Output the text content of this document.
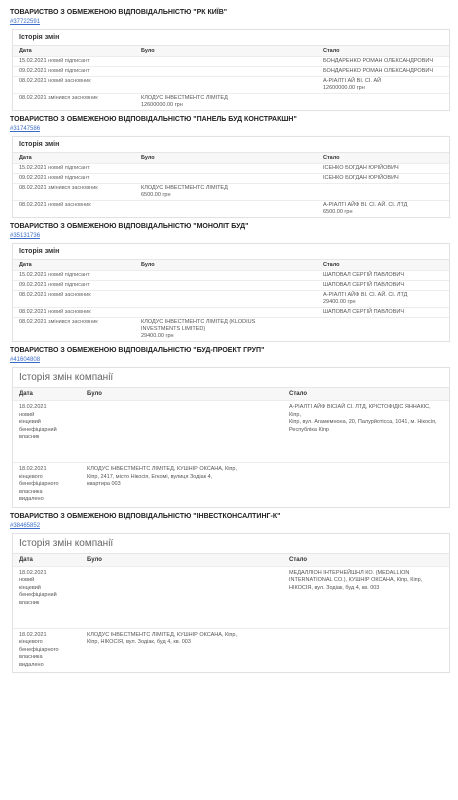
ТОВАРИСТВО З ОБМЕЖЕНОЮ ВІДПОВІДАЛЬНІСТЮ "РК КИЇВ"
#37722591
Історія змін
Дата	Було	Стало
15.02.2021 новий підписант		БОНДАРЕНКО РОМАН ОЛЕКСАНДРОВИЧ
09.02.2021 новий підписант		БОНДАРЕНКО РОМАН ОЛЕКСАНДРОВИЧ
08.02.2021 новий засновник		А-РІАЛТІ АЙ ВІ. СІ. АЙ
12600000.00 грн
08.02.2021 змінився засновник	КЛОДУС ІНВЕСТМЕНТС ЛІМІТЕД
12600000.00 грн	
ТОВАРИСТВО З ОБМЕЖЕНОЮ ВІДПОВІДАЛЬНІСТЮ "ПАНЕЛЬ БУД КОНСТРАКШН"
#31747586
Історія змін
Дата	Було	Стало
15.02.2021 новий підписант		ІСЕНКО БОГДАН ЮРІЙОВИЧ
09.02.2021 новий підписант		ІСЕНКО БОГДАН ЮРІЙОВИЧ
08.02.2021 змінився засновник	КЛОДУС ІНВЕСТМЕНТС ЛІМІТЕД
6500.00 грн	
08.02.2021 новий засновник		А-РІАЛТІ АЙФ ВІ. СІ. АЙ. СІ. ЛТД
6500.00 грн
ТОВАРИСТВО З ОБМЕЖЕНОЮ ВІДПОВІДАЛЬНІСТЮ "МОНОЛІТ БУД"
#35131736
Історія змін
Дата	Було	Стало
15.02.2021 новий підписант		ШАПОВАЛ СЕРГІЙ ПАВЛОВИЧ
09.02.2021 новий підписант		ШАПОВАЛ СЕРГІЙ ПАВЛОВИЧ
08.02.2021 новий засновник		А-РІАЛТІ АЙФ ВІ. СІ. АЙ. СІ. ЛТД
29400.00 грн
08.02.2021 новий засновник		ШАПОВАЛ СЕРГІЙ ПАВЛОВИЧ
08.02.2021 змінився засновник	КЛОДУС ІНВЕСТМЕНТС ЛІМІТЕД (KLODIUS
INVESTMENTS LIMITED)
29400.00 грн	
ТОВАРИСТВО З ОБМЕЖЕНОЮ ВІДПОВІДАЛЬНІСТЮ "БУД-ПРОЕКТ ГРУП"
#41604808
Історія змін компанії
Дата	Було	Стало
18.02.2021
новий
кінцевий
бенефіціарний
власник		А-РІАЛТІ АЙФ ВІСІАЙ СІ. ЛТД, КРІСТОФІДІС ЯННАКІС, Кіпр,
Кіпр, вул. Агамемнона, 20, Палурйотісса, 1041, м. Нікосія,
Республіка Кіпр
18.02.2021
кінцевого
бенефіціарного
власника
видалено	КЛОДУС ІНВЕСТМЕНТС ЛІМІТЕД, КУШНІР ОКСАНА, Кіпр,
Кіпр, 2417, місто Нікосія, Егкомі, вулиця Зодіак 4,
квартира 003	
ТОВАРИСТВО З ОБМЕЖЕНОЮ ВІДПОВІДАЛЬНІСТЮ "ІНВЕСТКОНСАЛТИНГ-К"
#38465852
Історія змін компанії
Дата	Було	Стало
18.02.2021
новий
кінцевий
бенефіціарний
власник		МЕДАЛЛІОН ІНТЕРНЕЙШНЛ КО. (MEDALLION
INTERNATIONAL CO.), КУШНІР ОКСАНА, Кіпр, Кіпр,
НІКОСІЯ, вул. Зодіак, буд 4, кв. 003
18.02.2021
кінцевого
бенефіціарного
власника
видалено	КЛОДУС ІНВЕСТМЕНТС ЛІМІТЕД, КУШНІР ОКСАНА, Кіпр,
Кіпр, НІКОСІЯ, вул. Зодіак, буд 4, кв. 003	
